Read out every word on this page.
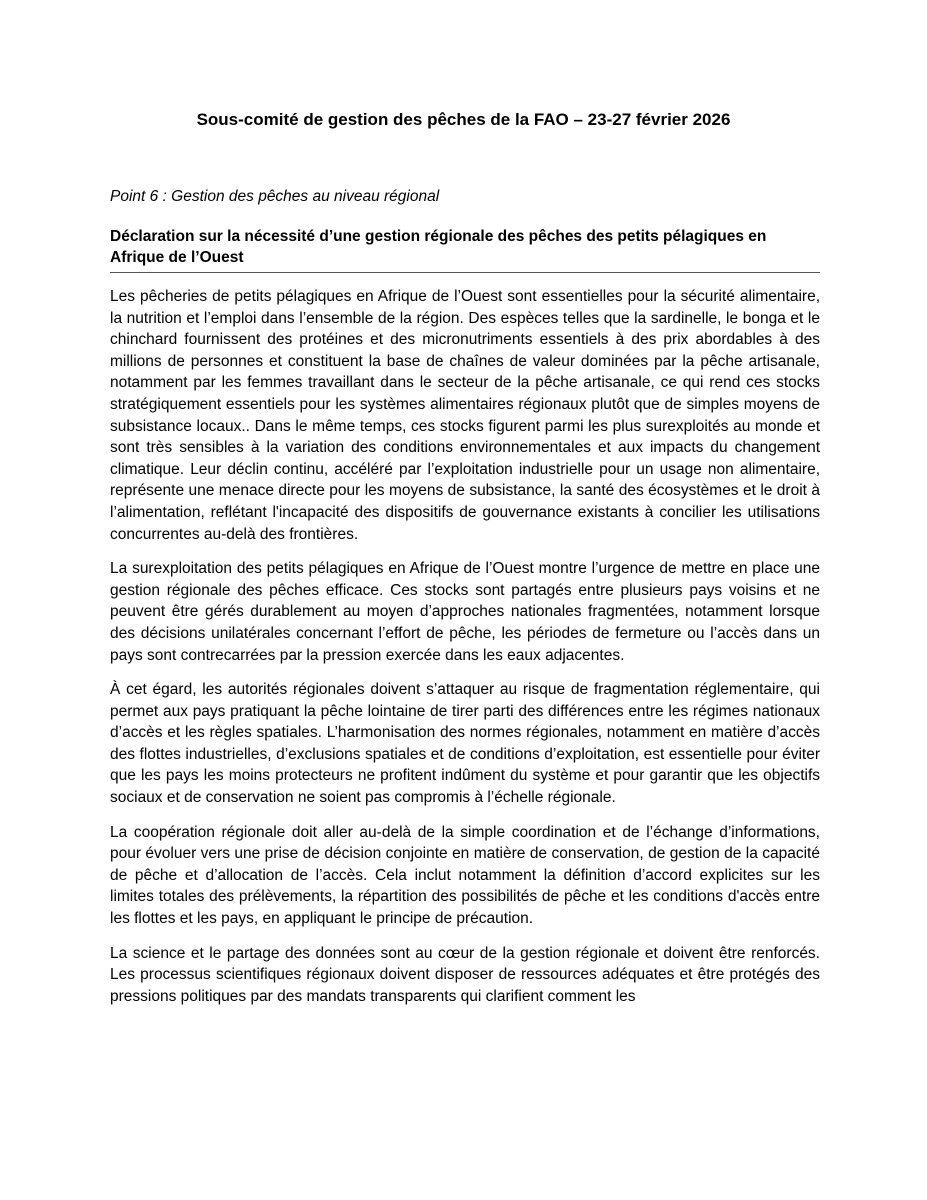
Sous-comité de gestion des pêches de la FAO – 23-27 février 2026
Point 6 : Gestion des pêches au niveau régional
Déclaration sur la nécessité d’une gestion régionale des pêches des petits pélagiques en Afrique de l’Ouest

Les pêcheries de petits pélagiques en Afrique de l’Ouest sont essentielles pour la sécurité alimentaire, la nutrition et l’emploi dans l’ensemble de la région. Des espèces telles que la sardinelle, le bonga et le chinchard fournissent des protéines et des micronutriments essentiels à des prix abordables à des millions de personnes et constituent la base de chaînes de valeur dominées par la pêche artisanale, notamment par les femmes travaillant dans le secteur de la pêche artisanale, ce qui rend ces stocks stratégiquement essentiels pour les systèmes alimentaires régionaux plutôt que de simples moyens de subsistance locaux.. Dans le même temps, ces stocks figurent parmi les plus surexploités au monde et sont très sensibles à la variation des conditions environnementales et aux impacts du changement climatique. Leur déclin continu, accéléré par l’exploitation industrielle pour un usage non alimentaire, représente une menace directe pour les moyens de subsistance, la santé des écosystèmes et le droit à l’alimentation, reflétant l'incapacité des dispositifs de gouvernance existants à concilier les utilisations concurrentes au-delà des frontières.

La surexploitation des petits pélagiques en Afrique de l’Ouest montre l’urgence de mettre en place une gestion régionale des pêches efficace. Ces stocks sont partagés entre plusieurs pays voisins et ne peuvent être gérés durablement au moyen d’approches nationales fragmentées, notamment lorsque des décisions unilatérales concernant l’effort de pêche, les périodes de fermeture ou l’accès dans un pays sont contrecarrées par la pression exercée dans les eaux adjacentes.

À cet égard, les autorités régionales doivent s’attaquer au risque de fragmentation réglementaire, qui permet aux pays pratiquant la pêche lointaine de tirer parti des différences entre les régimes nationaux d’accès et les règles spatiales. L’harmonisation des normes régionales, notamment en matière d’accès des flottes industrielles, d’exclusions spatiales et de conditions d’exploitation, est essentielle pour éviter que les pays les moins protecteurs ne profitent indûment du système et pour garantir que les objectifs sociaux et de conservation ne soient pas compromis à l’échelle régionale.

La coopération régionale doit aller au-delà de la simple coordination et de l’échange d’informations, pour évoluer vers une prise de décision conjointe en matière de conservation, de gestion de la capacité de pêche et d’allocation de l’accès. Cela inclut notamment la définition d’accord explicites sur les limites totales des prélèvements, la répartition des possibilités de pêche et les conditions d'accès entre les flottes et les pays, en appliquant le principe de précaution.

La science et le partage des données sont au cœur de la gestion régionale et doivent être renforcés. Les processus scientifiques régionaux doivent disposer de ressources adéquates et être protégés des pressions politiques par des mandats transparents qui clarifient comment les
